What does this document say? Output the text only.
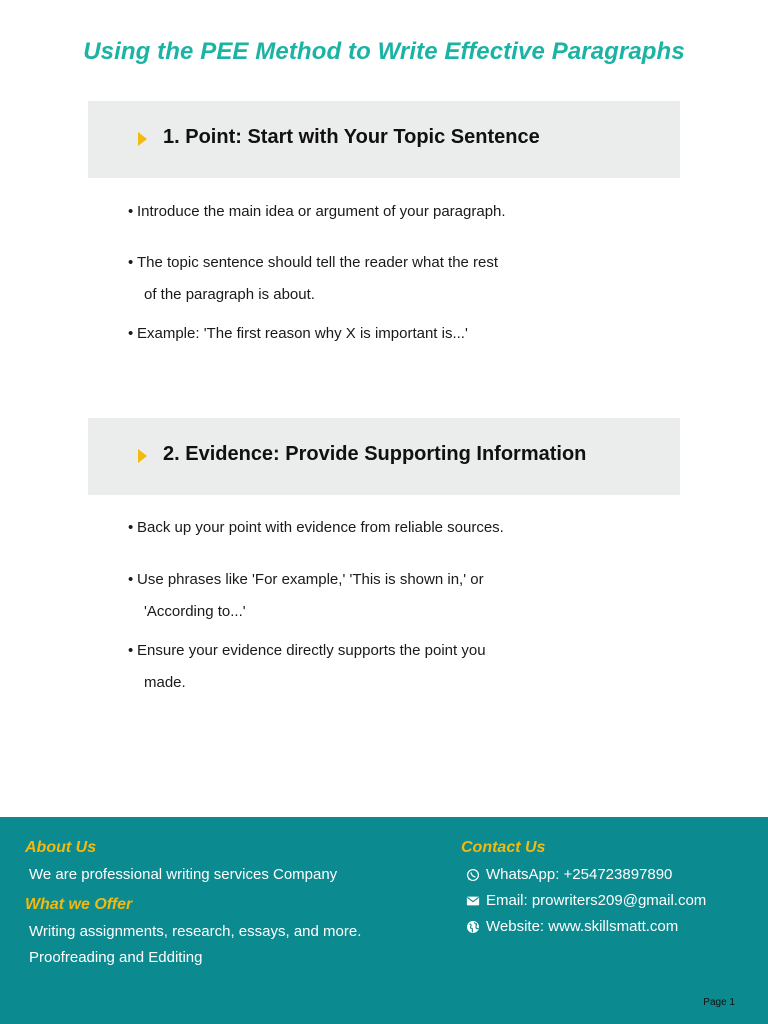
Using the PEE Method to Write Effective Paragraphs
1. Point: Start with Your Topic Sentence
• Introduce the main idea or argument of your paragraph.
• The topic sentence should tell the reader what the rest
of the paragraph is about.
• Example: 'The first reason why X is important is...'
2. Evidence: Provide Supporting Information
• Back up your point with evidence from reliable sources.
• Use phrases like 'For example,' 'This is shown in,' or
'According to...'
• Ensure your evidence directly supports the point you
made.
About Us
We are professional writing services Company
What we Offer
Writing assignments, research, essays, and more.
Proofreading and Edditing
Contact Us
WhatsApp: +254723897890
Email: prowriters209@gmail.com
Website: www.skillsmatt.com
Page 1
